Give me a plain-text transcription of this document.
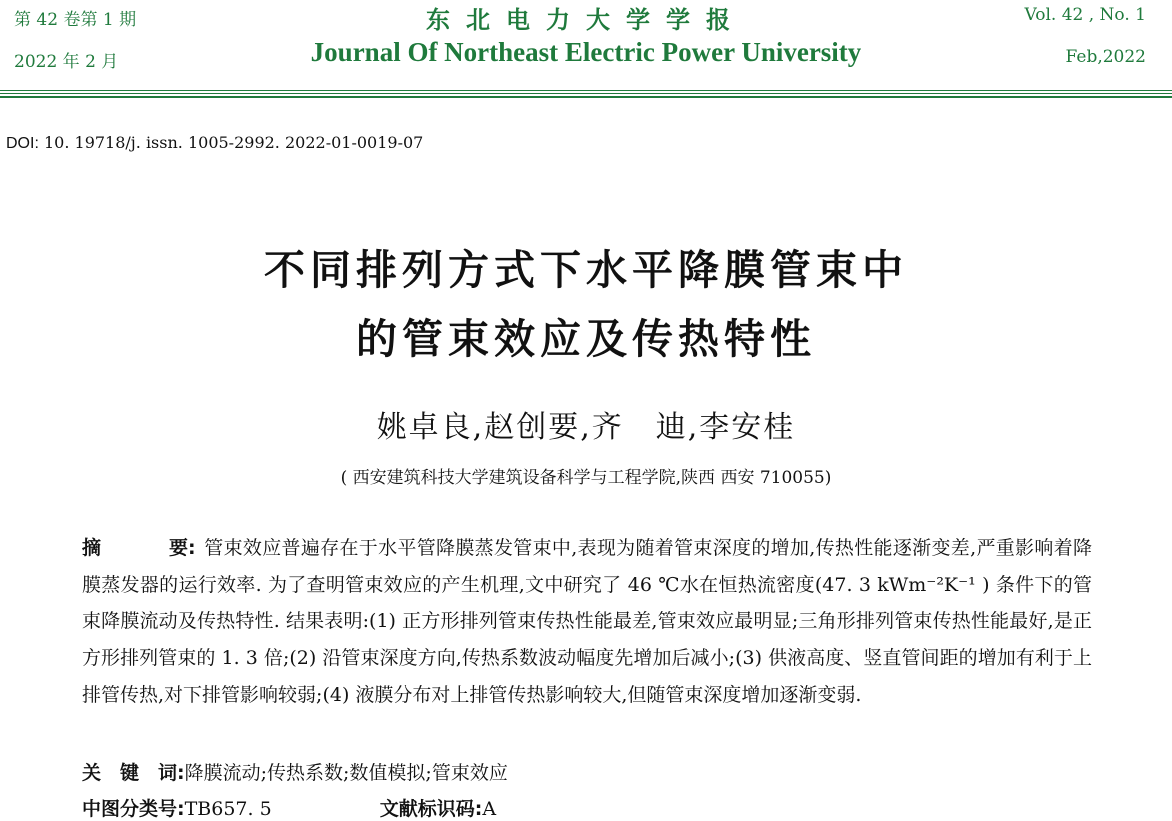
第 42 卷第 1 期
2022 年 2 月
东北电力大学学报
Journal Of Northeast Electric Power University
Vol. 42 , No. 1
Feb,2022
DOI: 10. 19718/j. issn. 1005-2992. 2022-01-0019-07
不同排列方式下水平降膜管束中
的管束效应及传热特性
姚卓良,赵创要,齐　迪,李安桂
( 西安建筑科技大学建筑设备科学与工程学院,陕西 西安 710055)
摘	要: 管束效应普遍存在于水平管降膜蒸发管束中,表现为随着管束深度的增加,传热性能逐渐变差,严重影响着降膜蒸发器的运行效率. 为了查明管束效应的产生机理,文中研究了 46 ℃水在恒热流密度(47. 3 kWm⁻²K⁻¹ ) 条件下的管束降膜流动及传热特性. 结果表明:(1) 正方形排列管束传热性能最差,管束效应最明显;三角形排列管束传热性能最好,是正方形排列管束的 1. 3 倍;(2) 沿管束深度方向,传热系数波动幅度先增加后减小;(3) 供液高度、竖直管间距的增加有利于上排管传热,对下排管影响较弱;(4) 液膜分布对上排管传热影响较大,但随管束深度增加逐渐变弱.
关　键　词:降膜流动;传热系数;数值模拟;管束效应
中图分类号:TB657. 5	文献标识码:A
